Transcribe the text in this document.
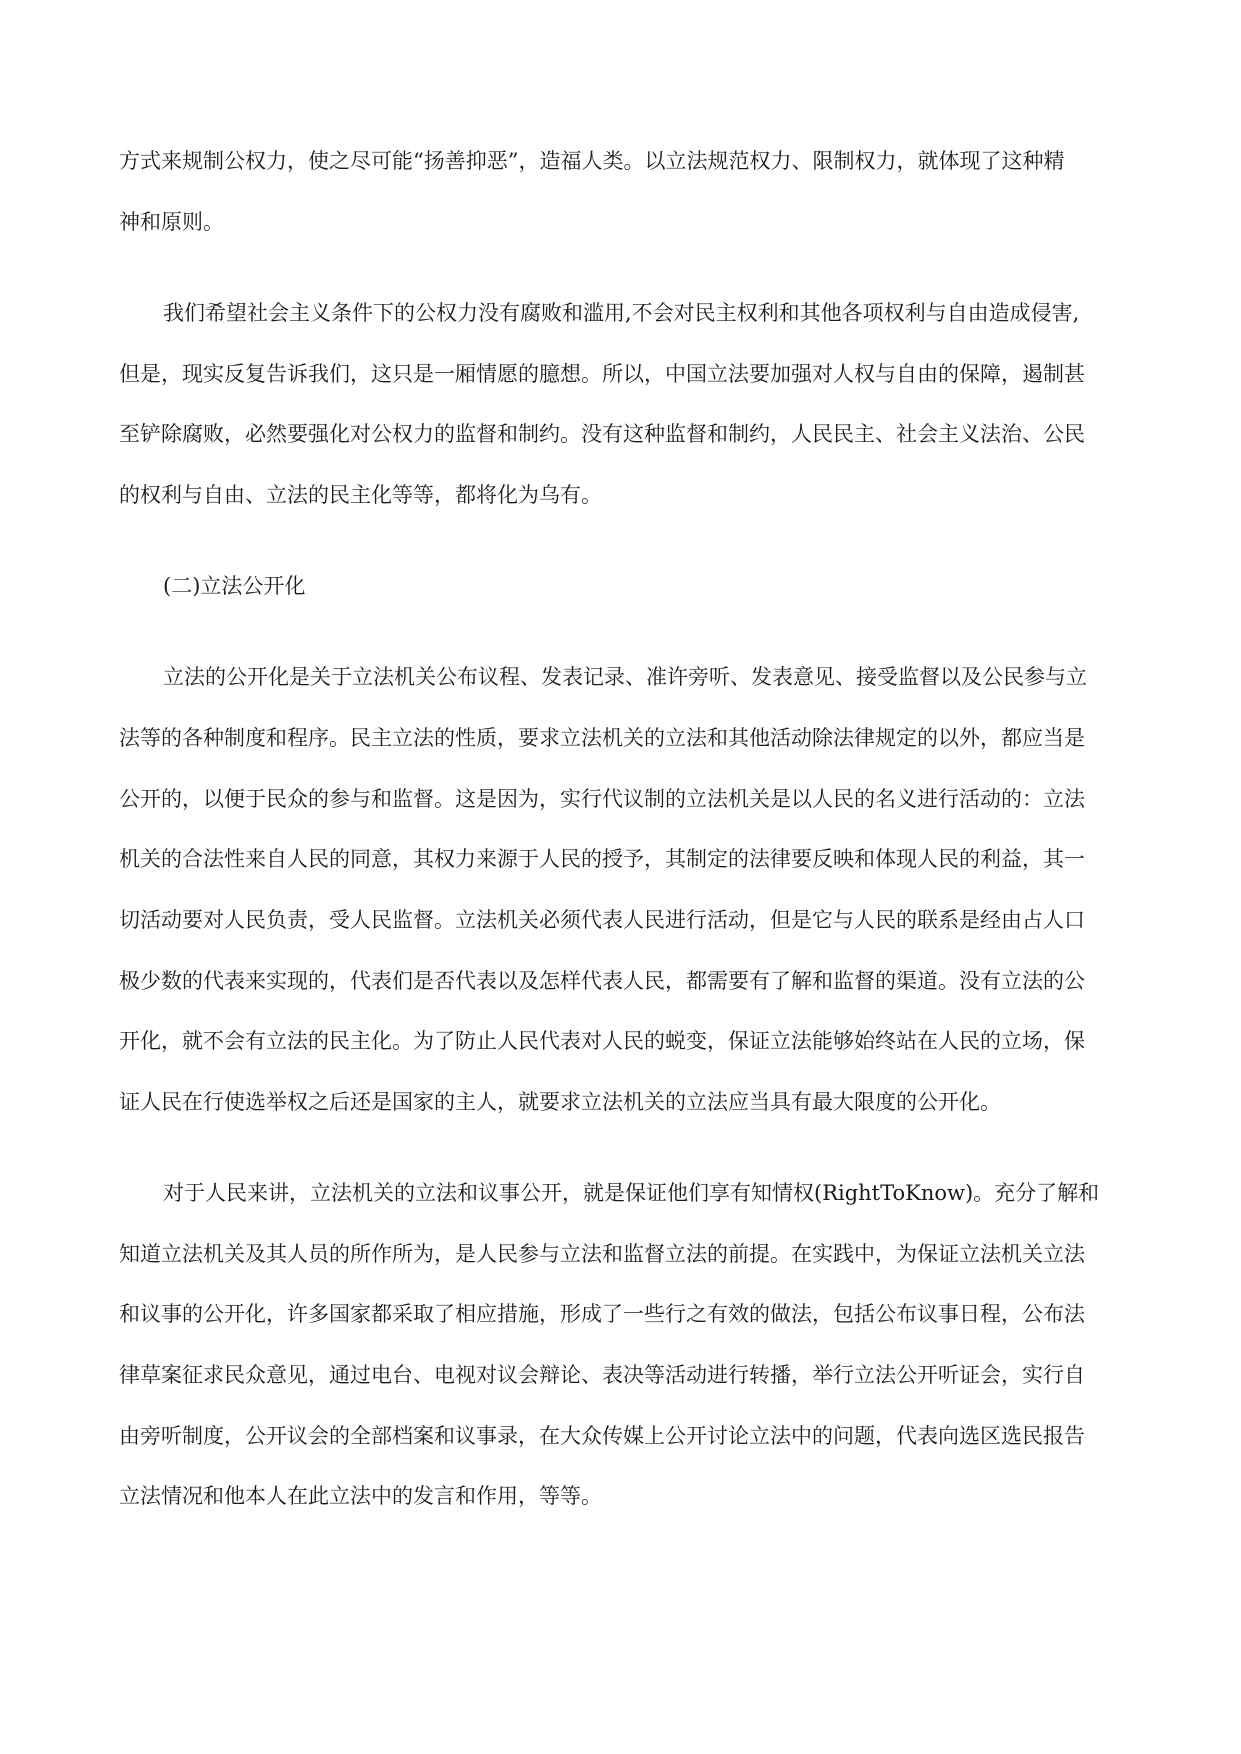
方式来规制公权力，使之尽可能“扬善抑恶”，造福人类。以立法规范权力、限制权力，就体现了这种精
神和原则。
我们希望社会主义条件下的公权力没有腐败和滥用,不会对民主权利和其他各项权利与自由造成侵害,
但是，现实反复告诉我们，这只是一厢情愿的臆想。所以，中国立法要加强对人权与自由的保障，遏制甚
至铲除腐败，必然要强化对公权力的监督和制约。没有这种监督和制约，人民民主、社会主义法治、公民
的权利与自由、立法的民主化等等，都将化为乌有。
(二)立法公开化
立法的公开化是关于立法机关公布议程、发表记录、准许旁听、发表意见、接受监督以及公民参与立
法等的各种制度和程序。民主立法的性质，要求立法机关的立法和其他活动除法律规定的以外，都应当是
公开的，以便于民众的参与和监督。这是因为，实行代议制的立法机关是以人民的名义进行活动的：立法
机关的合法性来自人民的同意，其权力来源于人民的授予，其制定的法律要反映和体现人民的利益，其一
切活动要对人民负责，受人民监督。立法机关必须代表人民进行活动，但是它与人民的联系是经由占人口
极少数的代表来实现的，代表们是否代表以及怎样代表人民，都需要有了解和监督的渠道。没有立法的公
开化，就不会有立法的民主化。为了防止人民代表对人民的蜕变，保证立法能够始终站在人民的立场，保
证人民在行使选举权之后还是国家的主人，就要求立法机关的立法应当具有最大限度的公开化。
对于人民来讲，立法机关的立法和议事公开，就是保证他们享有知情权(RightToKnow)。充分了解和
知道立法机关及其人员的所作所为，是人民参与立法和监督立法的前提。在实践中，为保证立法机关立法
和议事的公开化，许多国家都采取了相应措施，形成了一些行之有效的做法，包括公布议事日程，公布法
律草案征求民众意见，通过电台、电视对议会辩论、表决等活动进行转播，举行立法公开听证会，实行自
由旁听制度，公开议会的全部档案和议事录，在大众传媒上公开讨论立法中的问题，代表向选区选民报告
立法情况和他本人在此立法中的发言和作用，等等。
